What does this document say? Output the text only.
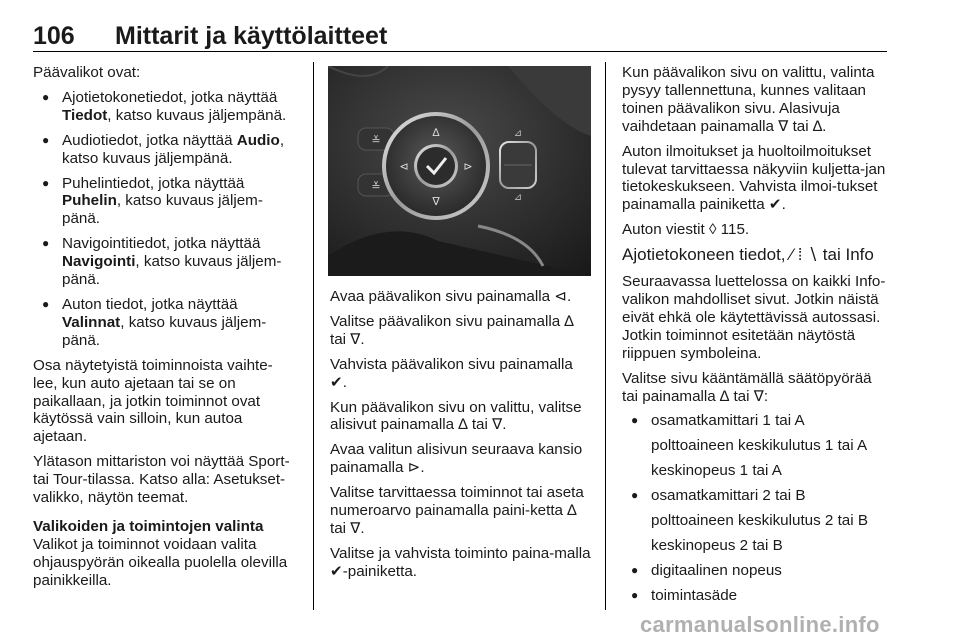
106 Mittarit ja käyttölaitteet

Päävalikot ovat:

● Ajotietokonetiedot, jotka näyttää Tiedot, katso kuvaus jäljempänä.
● Audiotiedot, jotka näyttää Audio, katso kuvaus jäljempänä.
● Puhelintiedot, jotka näyttää Puhelin, katso kuvaus jäljem-pänä.
● Navigointitiedot, jotka näyttää Navigointi, katso kuvaus jäljem-pänä.
● Auton tiedot, jotka näyttää Valinnat, katso kuvaus jäljem-pänä.

Osa näytetyistä toiminnoista vaihte-lee, kun auto ajetaan tai se on paikallaan, ja jotkin toiminnot ovat käytössä vain silloin, kun autoa ajetaan.

Ylätason mittariston voi näyttää Sport- tai Tour-tilassa. Katso alla: Asetukset-valikko, näytön teemat.

Valikoiden ja toimintojen valinta

Valikot ja toiminnot voidaan valita ohjauspyörän oikealla puolella olevilla painikkeilla.

≚
≚
∆
∇
⊲	⊳
⊿
⊿

Avaa päävalikon sivu painamalla ⊲.

Valitse päävalikon sivu painamalla ∆ tai ∇.

Vahvista päävalikon sivu painamalla ✔.

Kun päävalikon sivu on valittu, valitse alisivut painamalla ∆ tai ∇.

Avaa valitun alisivun seuraava kansio painamalla ⊳.

Valitse tarvittaessa toiminnot tai aseta numeroarvo painamalla paini-ketta ∆ tai ∇.

Valitse ja vahvista toiminto paina-malla ✔-painiketta.

Kun päävalikon sivu on valittu, valinta pysyy tallennettuna, kunnes valitaan toinen päävalikon sivu. Alasivuja vaihdetaan painamalla ∇ tai ∆.

Auton ilmoitukset ja huoltoilmoitukset tulevat tarvittaessa näkyviin kuljetta-jan tietokeskukseen. Vahvista ilmoi-tukset painamalla painiketta ✔.

Auton viestit ◊ 115.

Ajotietokoneen tiedot, ⁄ ⁞ ∖ tai Info

Seuraavassa luettelossa on kaikki Info-valikon mahdolliset sivut. Jotkin näistä eivät ehkä ole käytettävissä autossasi. Jotkin toiminnot esitetään näytöstä riippuen symboleina.

Valitse sivu kääntämällä säätöpyörää tai painamalla ∆ tai ∇:

● osamatkamittari 1 tai A
polttoaineen keskikulutus 1 tai A
keskinopeus 1 tai A
● osamatkamittari 2 tai B
polttoaineen keskikulutus 2 tai B
keskinopeus 2 tai B
● digitaalinen nopeus
● toimintasäde
carmanualsonline.info
